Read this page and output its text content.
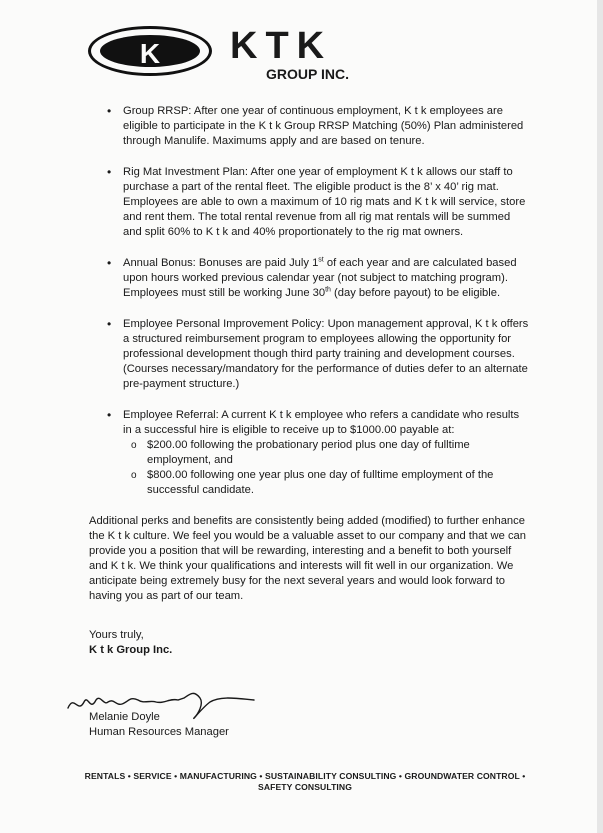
K	KTK
GROUP INC.
• Group RRSP: After one year of continuous employment, K t k employees are eligible to participate in the K t k Group RRSP Matching (50%) Plan administered through Manulife. Maximums apply and are based on tenure.
• Rig Mat Investment Plan: After one year of employment K t k allows our staff to purchase a part of the rental fleet. The eligible product is the 8’ x 40’ rig mat. Employees are able to own a maximum of 10 rig mats and K t k will service, store and rent them. The total rental revenue from all rig mat rentals will be summed and split 60% to K t k and 40% proportionately to the rig mat owners.
• Annual Bonus: Bonuses are paid July 1st of each year and are calculated based upon hours worked previous calendar year (not subject to matching program). Employees must still be working June 30th (day before payout) to be eligible.
• Employee Personal Improvement Policy: Upon management approval, K t k offers a structured reimbursement program to employees allowing the opportunity for professional development though third party training and development courses. (Courses necessary/mandatory for the performance of duties defer to an alternate pre-payment structure.)
• Employee Referral: A current K t k employee who refers a candidate who results in a successful hire is eligible to receive up to $1000.00 payable at:
o $200.00 following the probationary period plus one day of fulltime employment, and
o $800.00 following one year plus one day of fulltime employment of the successful candidate.
Additional perks and benefits are consistently being added (modified) to further enhance the K t k culture. We feel you would be a valuable asset to our company and that we can provide you a position that will be rewarding, interesting and a benefit to both yourself and K t k. We think your qualifications and interests will fit well in our organization. We anticipate being extremely busy for the next several years and would look forward to having you as part of our team.
Yours truly,
K t k Group Inc.
Melanie Doyle
Human Resources Manager
RENTALS • SERVICE • MANUFACTURING • SUSTAINABILITY CONSULTING • GROUNDWATER CONTROL • SAFETY CONSULTING
